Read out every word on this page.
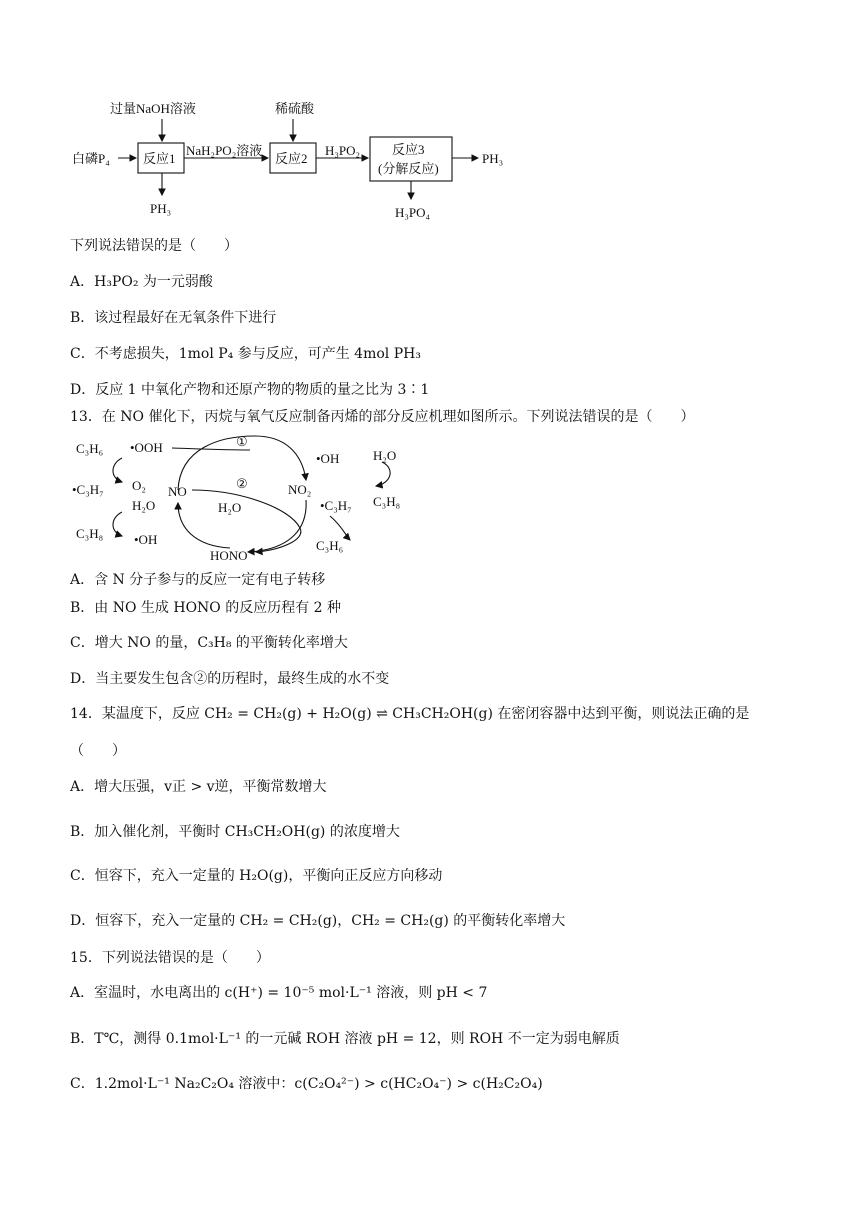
过量NaOH溶液	稀硫酸
白磷P₄	反应1
NaH₂PO₂溶液
反应2
H₃PO₂ 反应3
(分解反应)
PH₃
PH₃	H₃PO₄
下列说法错误的是（　　）
A．H₃PO₂ 为一元弱酸
B．该过程最好在无氧条件下进行
C．不考虑损失，1mol P₄ 参与反应，可产生 4mol PH₃
D．反应 1 中氧化产物和还原产物的物质的量之比为 3∶1
13．在 NO 催化下，丙烷与氧气反应制备丙烯的部分反应机理如图所示。下列说法错误的是（　　）
C₃H₆ •OOH
O₂
•C₃H₇	NO
H₂O
C₃H₈ •OH
HONO
①
②
H₂O
•OH	H₂O
NO₂
•C₃H₇ C₃H₈
C₃H₆
A．含 N 分子参与的反应一定有电子转移
B．由 NO 生成 HONO 的反应历程有 2 种
C．增大 NO 的量，C₃H₈ 的平衡转化率增大
D．当主要发生包含②的历程时，最终生成的水不变
14．某温度下，反应 CH₂ = CH₂(g) + H₂O(g) ⇌ CH₃CH₂OH(g) 在密闭容器中达到平衡，则说法正确的是
（　　）
A．增大压强，v正 > v逆，平衡常数增大
B．加入催化剂，平衡时 CH₃CH₂OH(g) 的浓度增大
C．恒容下，充入一定量的 H₂O(g)，平衡向正反应方向移动
D．恒容下，充入一定量的 CH₂ = CH₂(g)，CH₂ = CH₂(g) 的平衡转化率增大
15．下列说法错误的是（　　）
A．室温时，水电离出的 c(H⁺) = 10⁻⁵ mol·L⁻¹ 溶液，则 pH < 7
B．T℃，测得 0.1mol·L⁻¹ 的一元碱 ROH 溶液 pH = 12，则 ROH 不一定为弱电解质
C．1.2mol·L⁻¹ Na₂C₂O₄ 溶液中：c(C₂O₄²⁻) > c(HC₂O₄⁻) > c(H₂C₂O₄)
